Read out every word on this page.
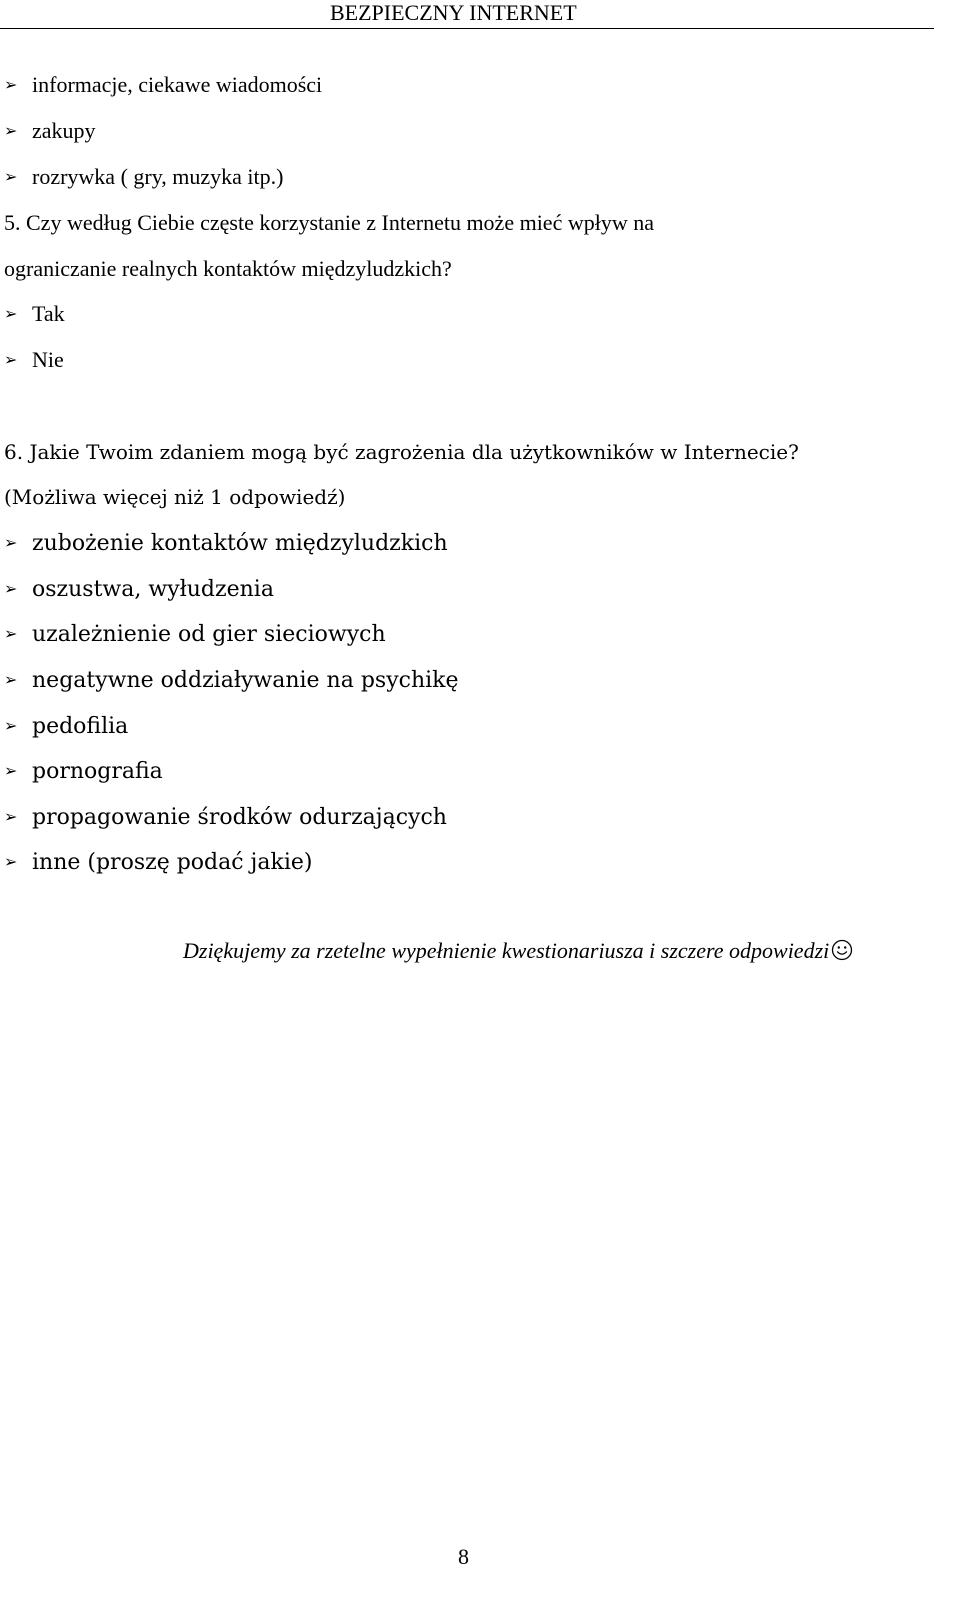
BEZPIECZNY INTERNET
➢ informacje, ciekawe wiadomości
➢ zakupy
➢ rozrywka ( gry, muzyka itp.)
5. Czy według Ciebie częste korzystanie z Internetu może mieć wpływ na
ograniczanie realnych kontaktów międzyludzkich?
➢ Tak
➢ Nie
6. Jakie Twoim zdaniem mogą być zagrożenia dla użytkowników w Internecie?
(Możliwa więcej niż 1 odpowiedź)
➢ zubożenie kontaktów międzyludzkich
➢ oszustwa, wyłudzenia
➢ uzależnienie od gier sieciowych
➢ negatywne oddziaływanie na psychikę
➢ pedofilia
➢ pornografia
➢ propagowanie środków odurzających
➢ inne (proszę podać jakie)
Dziękujemy za rzetelne wypełnienie kwestionariusza i szczere odpowiedzi
8
